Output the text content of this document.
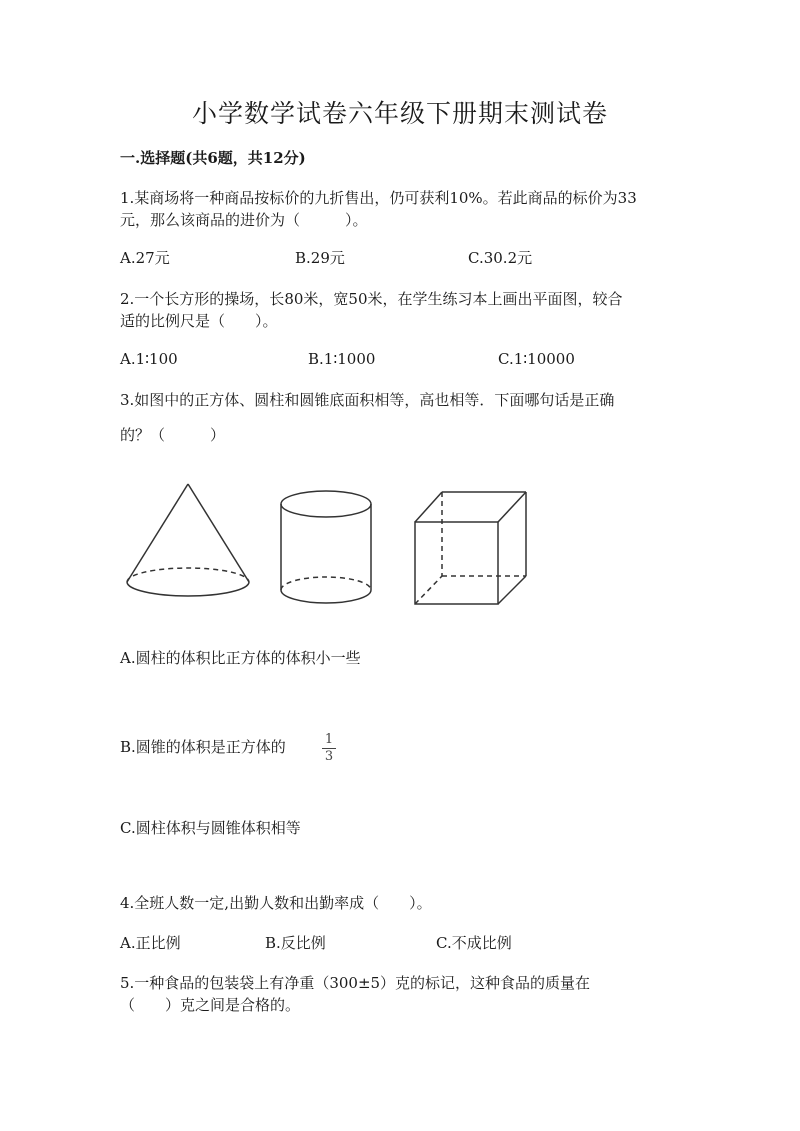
小学数学试卷六年级下册期末测试卷
一.选择题(共6题，共12分)
1.某商场将一种商品按标价的九折售出，仍可获利10%。若此商品的标价为33
元，那么该商品的进价为（　　　）。
A.27元	B.29元	C.30.2元
2.一个长方形的操场，长80米，宽50米，在学生练习本上画出平面图，较合
适的比例尺是（　　）。
A.1∶100	B.1∶1000	C.1∶10000
3.如图中的正方体、圆柱和圆锥底面积相等，高也相等．下面哪句话是正确
的？（　　　）
A.圆柱的体积比正方体的体积小一些
B.圆锥的体积是正方体的	1
3
C.圆柱体积与圆锥体积相等
4.全班人数一定,出勤人数和出勤率成（　　）。
A.正比例	B.反比例	C.不成比例
5.一种食品的包装袋上有净重（300±5）克的标记，这种食品的质量在
（　　）克之间是合格的。
